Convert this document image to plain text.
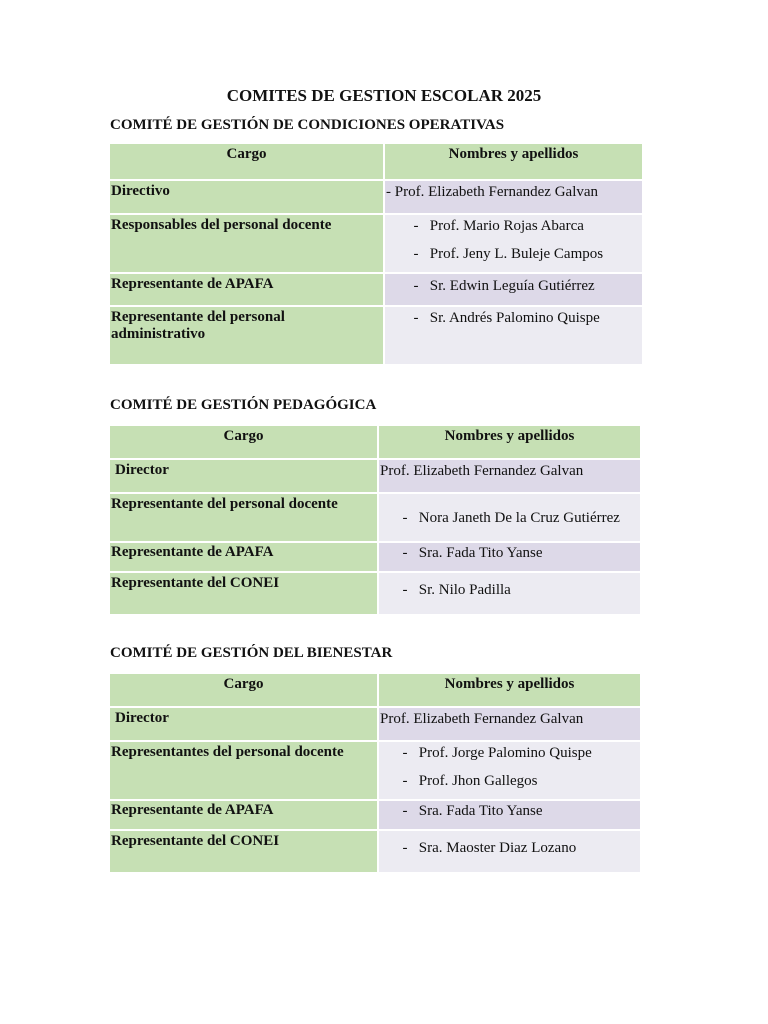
COMITES DE GESTION ESCOLAR 2025
COMITÉ DE GESTIÓN DE CONDICIONES OPERATIVAS
Cargo	Nombres y apellidos
Directivo	- Prof. Elizabeth Fernandez Galvan

Responsables del personal docente	- Prof. Mario Rojas Abarca
- Prof. Jeny L. Buleje Campos

Representante de APAFA	- Sr. Edwin Leguía Gutiérrez

Representante del personal administrativo	- Sr. Andrés Palomino Quispe
COMITÉ DE GESTIÓN PEDAGÓGICA
Cargo	Nombres y apellidos
Director	Prof. Elizabeth Fernandez Galvan

Representante del personal docente	- Nora Janeth De la Cruz Gutiérrez

Representante de APAFA	- Sra. Fada Tito Yanse

Representante del CONEI	- Sr. Nilo Padilla
COMITÉ DE GESTIÓN DEL BIENESTAR
Cargo	Nombres y apellidos
Director	Prof. Elizabeth Fernandez Galvan

Representantes del personal docente	- Prof. Jorge Palomino Quispe
- Prof. Jhon Gallegos

Representante de APAFA	- Sra. Fada Tito Yanse

Representante del CONEI	- Sra. Maoster Diaz Lozano
